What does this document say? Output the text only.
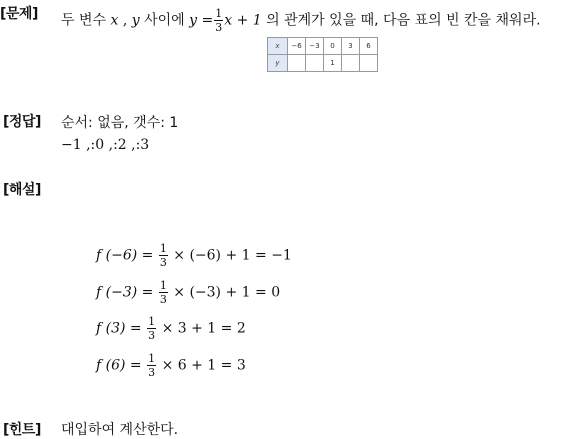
[문제] 두 변수 x , y 사이에 $y = \frac{1}{3}$ x + 1 의 관계가 있을 때, 다음 표의 빈 칸을 채워라.
x	−6	−3	0	3	6
y			1		
[정답] 순서: 없음, 갯수: 1
−1 ,:0 ,:2 ,:3
[해설]
f $(-6) = \frac{1}{3} \times (-6) + 1 = -1$
f $(-3) = \frac{1}{3} \times (-3) + 1 = 0$
f $(3) = \frac{1}{3} \times 3 + 1 = 2$
f $(6) = \frac{1}{3} \times 6 + 1 = 3$
[힌트] 대입하여 계산한다.
